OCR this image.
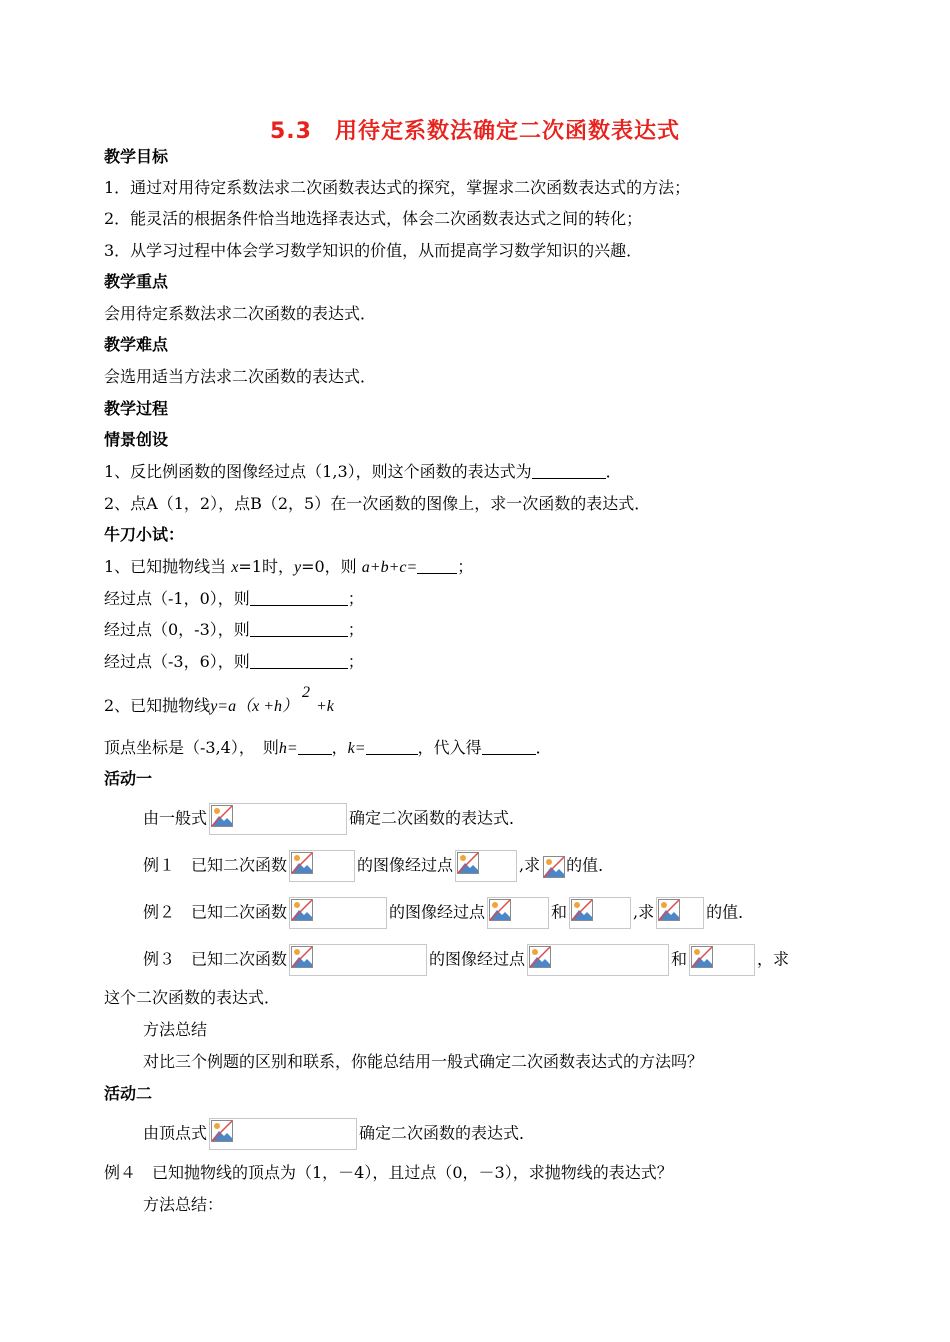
5.3　用待定系数法确定二次函数表达式
教学目标
1．通过对用待定系数法求二次函数表达式的探究，掌握求二次函数表达式的方法；
2．能灵活的根据条件恰当地选择表达式，体会二次函数表达式之间的转化；
3．从学习过程中体会学习数学知识的价值，从而提高学习数学知识的兴趣．
教学重点
会用待定系数法求二次函数的表达式．
教学难点
会选用适当方法求二次函数的表达式．
教学过程
情景创设
1、反比例函数的图像经过点（1,3），则这个函数的表达式为	．
2、点A（1，2），点B（2，5）在一次函数的图像上，求一次函数的表达式．
牛刀小试：
1、已知抛物线当 x=1时，y=0，则 a+b+c=	；
经过点（-1，0），则	；
经过点（0，-3），则	；
经过点（-3，6），则	；
2、已知抛物线y=a（x +h）2+k
顶点坐标是（-3,4），　则h= ，k=	，代入得	．
活动一
由一般式	确定二次函数的表达式．
例１　已知二次函数	的图像经过点	,求 的值．
例２　已知二次函数	的图像经过点	和	,求	的值．
例３　已知二次函数	的图像经过点	和	，求
这个二次函数的表达式．
方法总结
对比三个例题的区别和联系，你能总结用一般式确定二次函数表达式的方法吗？
活动二
由顶点式	确定二次函数的表达式．
例４　已知抛物线的顶点为（1，－4），且过点（0，－3），求抛物线的表达式？
方法总结：
